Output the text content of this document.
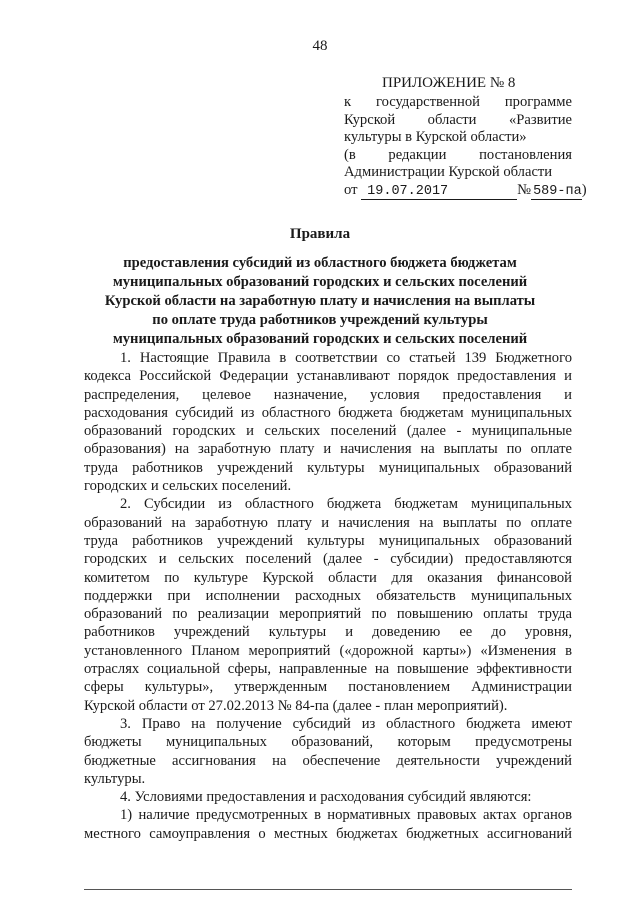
48
ПРИЛОЖЕНИЕ № 8
к государственной программе
Курской области «Развитие
культуры в Курской области»
(в редакции постановления
Администрации Курской области
от 19.07.2017	№ 589-па)
Правила
предоставления субсидий из областного бюджета бюджетам
муниципальных образований городских и сельских поселений
Курской области на заработную плату и начисления на выплаты
по оплате труда работников учреждений культуры
муниципальных образований городских и сельских поселений
1. Настоящие Правила в соответствии со статьей 139 Бюджетного
кодекса Российской Федерации устанавливают порядок предоставления и
распределения, целевое назначение, условия предоставления и
расходования субсидий из областного бюджета бюджетам муниципальных
образований городских и сельских поселений (далее - муниципальные
образования) на заработную плату и начисления на выплаты по оплате
труда работников учреждений культуры муниципальных образований
городских и сельских поселений.
2. Субсидии из областного бюджета бюджетам муниципальных
образований на заработную плату и начисления на выплаты по оплате
труда работников учреждений культуры муниципальных образований
городских и сельских поселений (далее - субсидии) предоставляются
комитетом по культуре Курской области для оказания финансовой
поддержки при исполнении расходных обязательств муниципальных
образований по реализации мероприятий по повышению оплаты труда
работников учреждений культуры и доведению ее до уровня,
установленного Планом мероприятий («дорожной карты») «Изменения в
отраслях социальной сферы, направленные на повышение эффективности
сферы культуры», утвержденным постановлением Администрации
Курской области от 27.02.2013 № 84-па (далее - план мероприятий).
3. Право на получение субсидий из областного бюджета имеют
бюджеты муниципальных образований, которым предусмотрены
бюджетные ассигнования на обеспечение деятельности учреждений
культуры.
4. Условиями предоставления и расходования субсидий являются:
1) наличие предусмотренных в нормативных правовых актах органов
местного самоуправления о местных бюджетах бюджетных ассигнований
